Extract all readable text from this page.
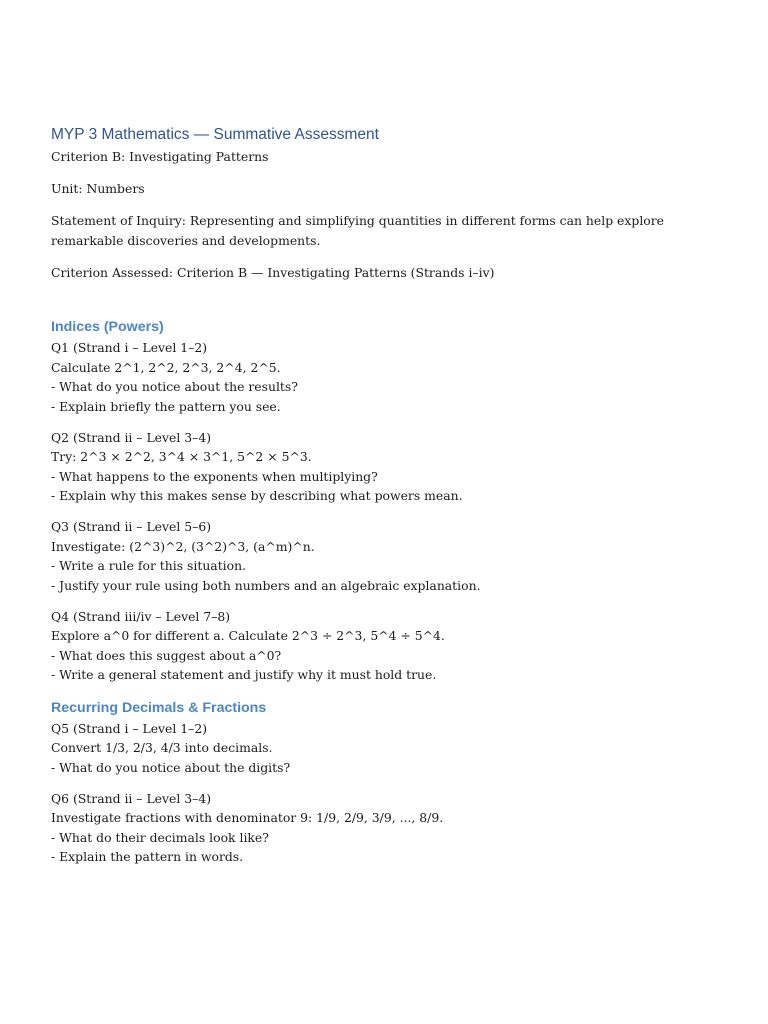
MYP 3 Mathematics — Summative Assessment

Criterion B: Investigating Patterns

Unit: Numbers

Statement of Inquiry: Representing and simplifying quantities in different forms can help explore remarkable discoveries and developments.

Criterion Assessed: Criterion B — Investigating Patterns (Strands i–iv)

Indices (Powers)
Q1 (Strand i – Level 1–2)
Calculate 2^1, 2^2, 2^3, 2^4, 2^5.
- What do you notice about the results?
- Explain briefly the pattern you see.
Q2 (Strand ii – Level 3–4)
Try: 2^3 × 2^2, 3^4 × 3^1, 5^2 × 5^3.
- What happens to the exponents when multiplying?
- Explain why this makes sense by describing what powers mean.
Q3 (Strand ii – Level 5–6)
Investigate: (2^3)^2, (3^2)^3, (a^m)^n.
- Write a rule for this situation.
- Justify your rule using both numbers and an algebraic explanation.
Q4 (Strand iii/iv – Level 7–8)
Explore a^0 for different a. Calculate 2^3 ÷ 2^3, 5^4 ÷ 5^4.
- What does this suggest about a^0?
- Write a general statement and justify why it must hold true.
Recurring Decimals & Fractions
Q5 (Strand i – Level 1–2)
Convert 1/3, 2/3, 4/3 into decimals.
- What do you notice about the digits?
Q6 (Strand ii – Level 3–4)
Investigate fractions with denominator 9: 1/9, 2/9, 3/9, ..., 8/9.
- What do their decimals look like?
- Explain the pattern in words.
